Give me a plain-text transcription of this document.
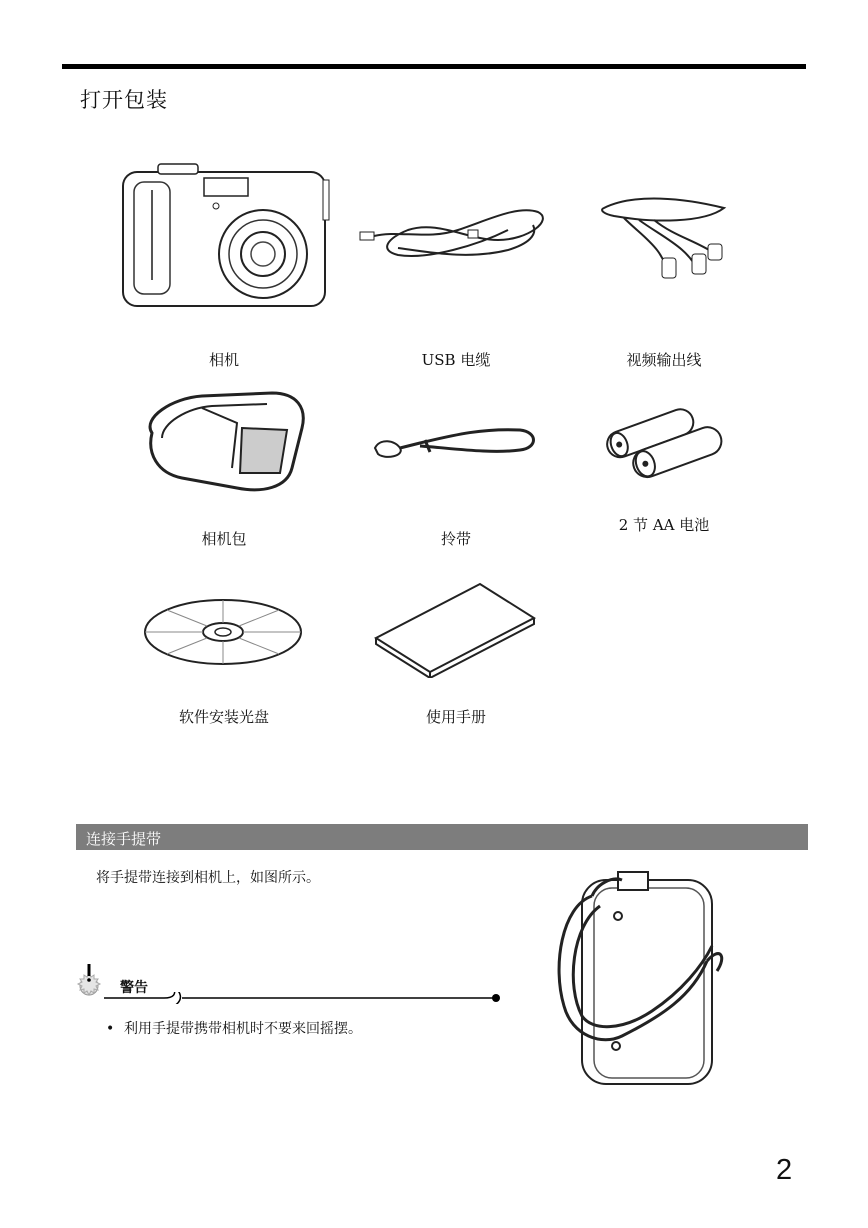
打开包装
相机	USB 电缆	视频输出线
相机包	拎带
2 节 AA 电池
软件安装光盘	使用手册
连接手提带
将手提带连接到相机上，如图所示。
警告
• 利用手提带携带相机时不要来回摇摆。
2
